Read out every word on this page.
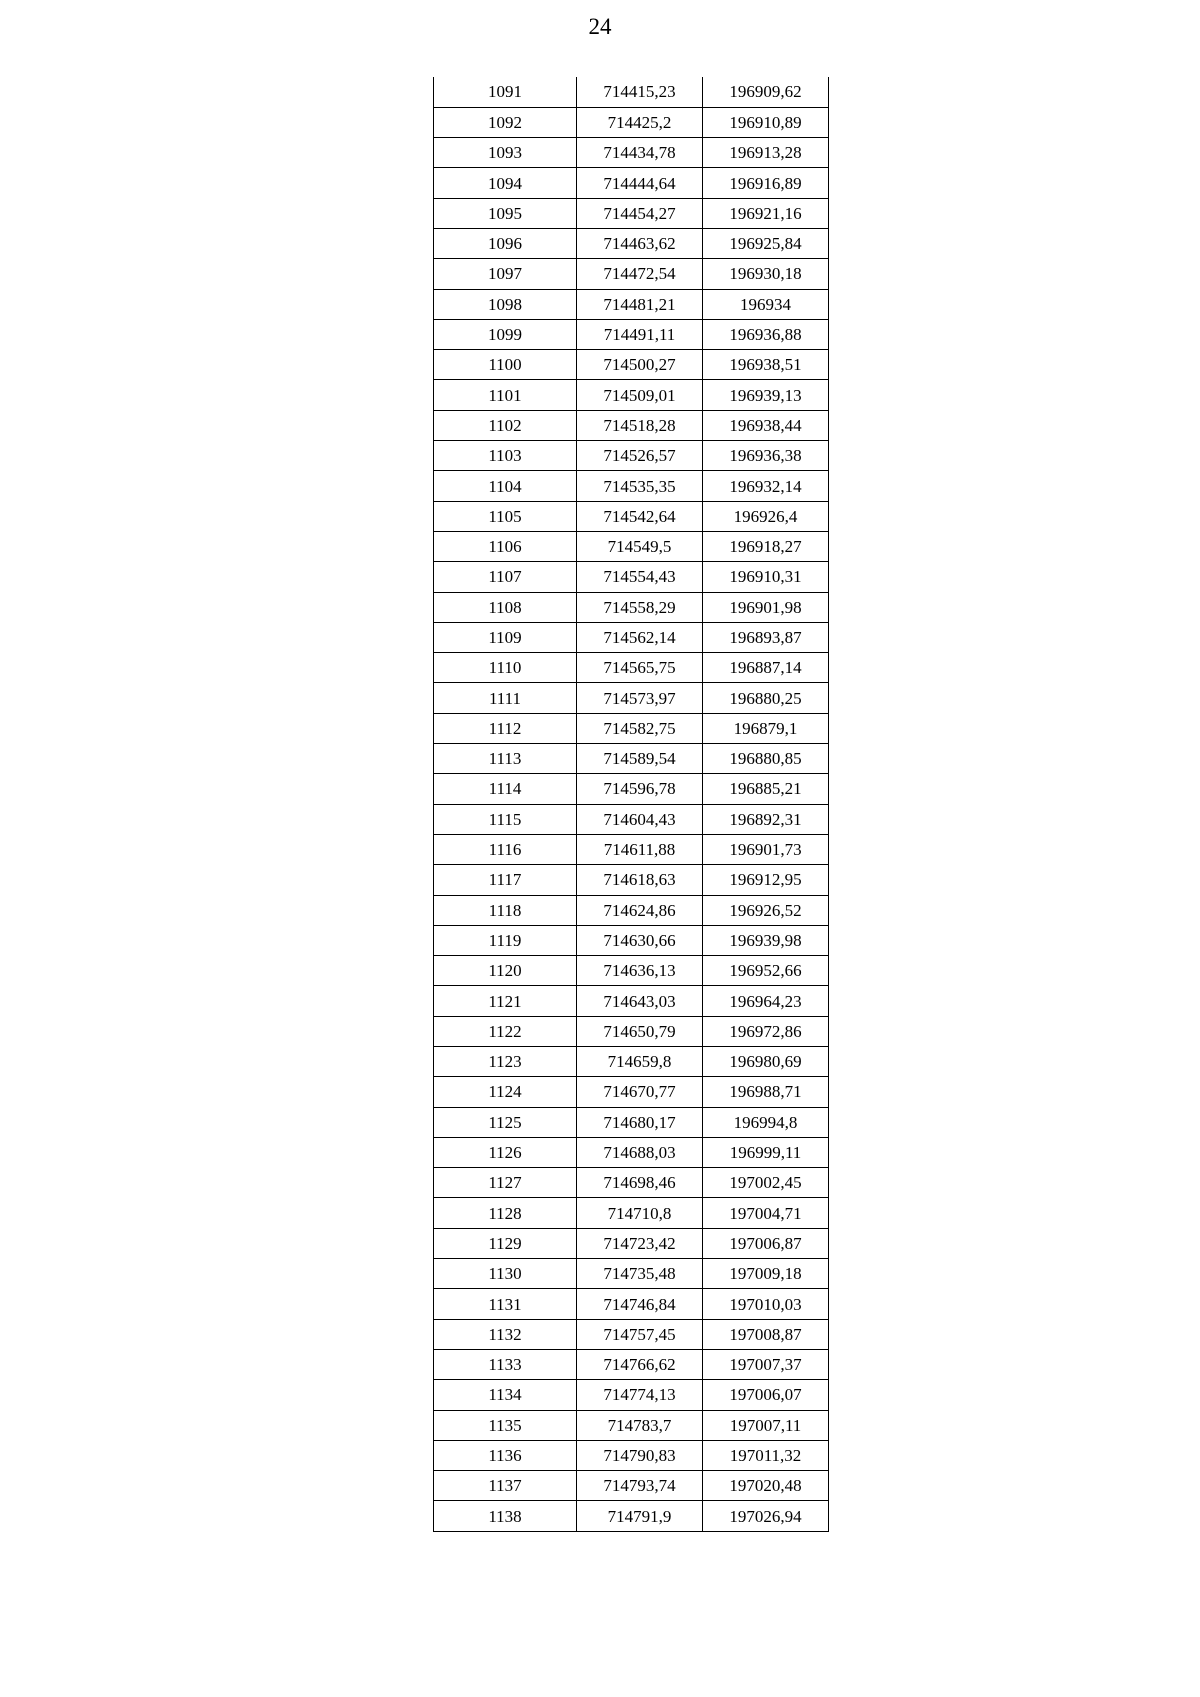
24
1091	714415,23	196909,62
1092	714425,2	196910,89
1093	714434,78	196913,28
1094	714444,64	196916,89
1095	714454,27	196921,16
1096	714463,62	196925,84
1097	714472,54	196930,18
1098	714481,21	196934
1099	714491,11	196936,88
1100	714500,27	196938,51
1101	714509,01	196939,13
1102	714518,28	196938,44
1103	714526,57	196936,38
1104	714535,35	196932,14
1105	714542,64	196926,4
1106	714549,5	196918,27
1107	714554,43	196910,31
1108	714558,29	196901,98
1109	714562,14	196893,87
1110	714565,75	196887,14
1111	714573,97	196880,25
1112	714582,75	196879,1
1113	714589,54	196880,85
1114	714596,78	196885,21
1115	714604,43	196892,31
1116	714611,88	196901,73
1117	714618,63	196912,95
1118	714624,86	196926,52
1119	714630,66	196939,98
1120	714636,13	196952,66
1121	714643,03	196964,23
1122	714650,79	196972,86
1123	714659,8	196980,69
1124	714670,77	196988,71
1125	714680,17	196994,8
1126	714688,03	196999,11
1127	714698,46	197002,45
1128	714710,8	197004,71
1129	714723,42	197006,87
1130	714735,48	197009,18
1131	714746,84	197010,03
1132	714757,45	197008,87
1133	714766,62	197007,37
1134	714774,13	197006,07
1135	714783,7	197007,11
1136	714790,83	197011,32
1137	714793,74	197020,48
1138	714791,9	197026,94
